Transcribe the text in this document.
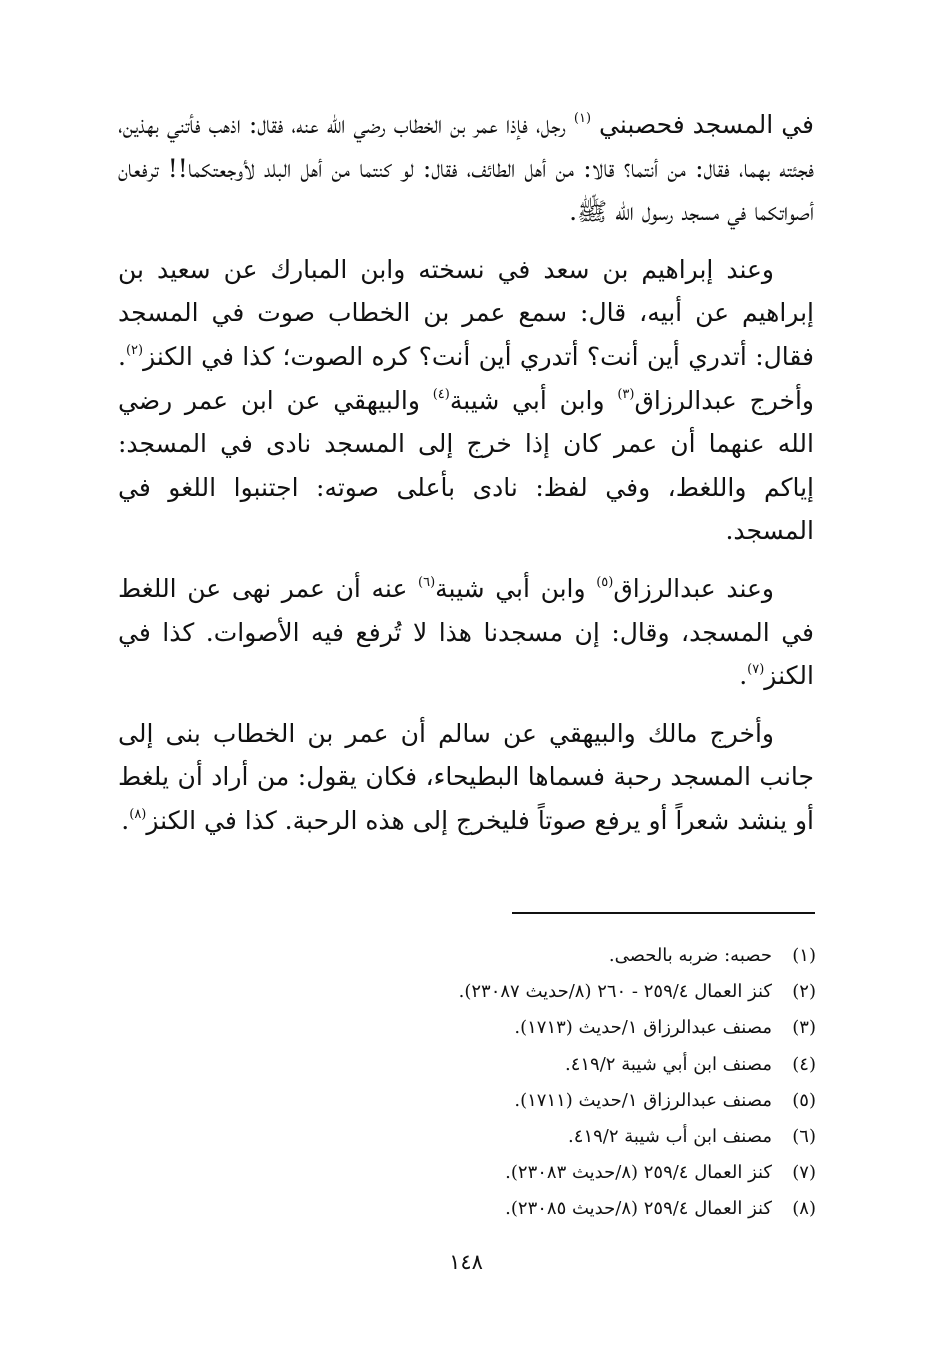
في المسجد فحصبني $^{(١)}$ رجل، فإذا عمر بن الخطاب رضي الله عنه، فقال: اذهب فأتني بهذين، فجئته بهما، فقال: من أنتما؟ قالا: من أهل الطائف، فقال: لو كنتما من أهل البلد لأوجعتكما!! ترفعان أصواتكما في مسجد رسول الله ﷺ.

وعند إبراهيم بن سعد في نسخته وابن المبارك عن سعيد بن إبراهيم عن أبيه، قال: سمع عمر بن الخطاب صوت في المسجد فقال: أتدري أين أنت؟ أتدري أين أنت؟ كره الصوت؛ كذا في الكنز$^{(٢)}$. وأخرج عبدالرزاق$^{(٣)}$ وابن أبي شيبة$^{(٤)}$ والبيهقي عن ابن عمر رضي الله عنهما أن عمر كان إذا خرج إلى المسجد نادى في المسجد: إياكم واللغط، وفي لفظ: نادى بأعلى صوته: اجتنبوا اللغو في المسجد.

وعند عبدالرزاق$^{(٥)}$ وابن أبي شيبة$^{(٦)}$ عنه أن عمر نهى عن اللغط في المسجد، وقال: إن مسجدنا هذا لا تُرفع فيه الأصوات. كذا في الكنز$^{(٧)}$.

وأخرج مالك والبيهقي عن سالم أن عمر بن الخطاب بنى إلى جانب المسجد رحبة فسماها البطيحاء، فكان يقول: من أراد أن يلغط أو ينشد شعراً أو يرفع صوتاً فليخرج إلى هذه الرحبة. كذا في الكنز$^{(٨)}$.

(١)
حصبه: ضربه بالحصى.
(٢)
كنز العمال ٢٥٩/٤ - ٢٦٠ (٨/حديث ٢٣٠٨٧).
(٣)
مصنف عبدالرزاق ١/حديث (١٧١٣).
(٤)
مصنف ابن أبي شيبة ٤١٩/٢.
(٥)
مصنف عبدالرزاق ١/حديث (١٧١١).
(٦)
مصنف ابن أب شيبة ٤١٩/٢.
(٧)
كنز العمال ٢٥٩/٤ (٨/حديث ٢٣٠٨٣).
(٨)
كنز العمال ٢٥٩/٤ (٨/حديث ٢٣٠٨٥).
١٤٨
